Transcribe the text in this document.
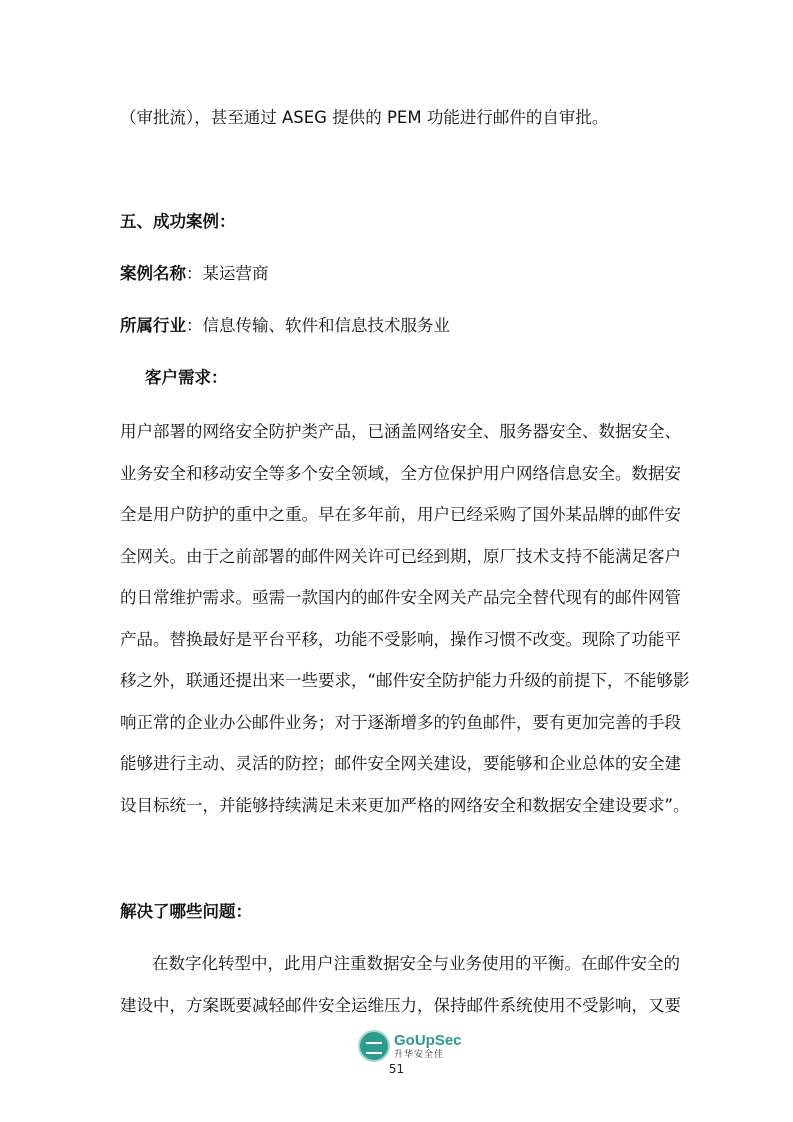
（审批流），甚至通过 ASEG 提供的 PEM 功能进行邮件的自审批。
五、成功案例：
案例名称：某运营商
所属行业：信息传输、软件和信息技术服务业
客户需求：
用户部署的网络安全防护类产品，已涵盖网络安全、服务器安全、数据安全、
业务安全和移动安全等多个安全领域，全方位保护用户网络信息安全。数据安
全是用户防护的重中之重。早在多年前，用户已经采购了国外某品牌的邮件安
全网关。由于之前部署的邮件网关许可已经到期，原厂技术支持不能满足客户
的日常维护需求。亟需一款国内的邮件安全网关产品完全替代现有的邮件网管
产品。替换最好是平台平移，功能不受影响，操作习惯不改变。现除了功能平
移之外，联通还提出来一些要求，“邮件安全防护能力升级的前提下，不能够影
响正常的企业办公邮件业务；对于逐渐增多的钓鱼邮件，要有更加完善的手段
能够进行主动、灵活的防控；邮件安全网关建设，要能够和企业总体的安全建
设目标统一，并能够持续满足未来更加严格的网络安全和数据安全建设要求”。
解决了哪些问题：
在数字化转型中，此用户注重数据安全与业务使用的平衡。在邮件安全的
建设中，方案既要减轻邮件安全运维压力，保持邮件系统使用不受影响，又要
GoUpSec
升华安全佳
51
